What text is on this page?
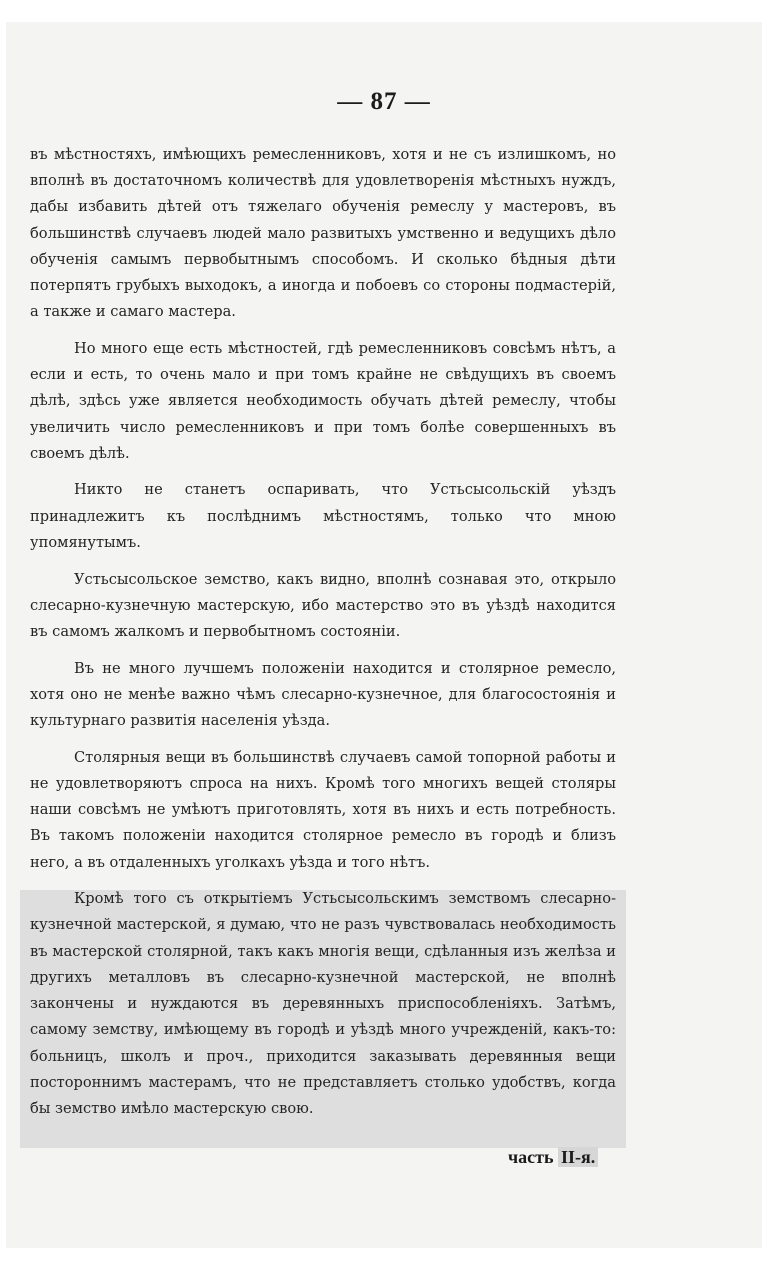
— 87 —

въ мѣстностяхъ, имѣющихъ ремесленниковъ, хотя и не съ излишкомъ, но вполнѣ въ достаточномъ количествѣ для удовлетворенія мѣстныхъ нуждъ, дабы избавить дѣтей отъ тяжелаго обученія ремеслу у мастеровъ, въ большинствѣ случаевъ людей мало развитыхъ умственно и ведущихъ дѣло обученія самымъ первобытнымъ способомъ. И сколько бѣдныя дѣти потерпятъ грубыхъ выходокъ, а иногда и побоевъ со стороны подмастерій, а также и самаго мастера.

Но много еще есть мѣстностей, гдѣ ремесленниковъ совсѣмъ нѣтъ, а если и есть, то очень мало и при томъ крайне не свѣдущихъ въ своемъ дѣлѣ, здѣсь уже является необходимость обучать дѣтей ремеслу, чтобы увеличить число ремесленниковъ и при томъ болѣе совершенныхъ въ своемъ дѣлѣ.

Никто не станетъ оспаривать, что Устьсысольскій уѣздъ принадлежитъ къ послѣднимъ мѣстностямъ, только что мною упомянутымъ.

Устьсысольское земство, какъ видно, вполнѣ сознавая это, открыло слесарно-кузнечную мастерскую, ибо мастерство это въ уѣздѣ находится въ самомъ жалкомъ и первобытномъ состояніи.

Въ не много лучшемъ положеніи находится и столярное ремесло, хотя оно не менѣе важно чѣмъ слесарно-кузнечное, для благосостоянія и культурнаго развитія населенія уѣзда.

Столярныя вещи въ большинствѣ случаевъ самой топорной работы и не удовлетворяютъ спроса на нихъ. Кромѣ того многихъ вещей столяры наши совсѣмъ не умѣютъ приготовлять, хотя въ нихъ и есть потребность. Въ такомъ положеніи находится столярное ремесло въ городѣ и близъ него, а въ отдаленныхъ уголкахъ уѣзда и того нѣтъ.

Кромѣ того съ открытіемъ Устьсысольскимъ земствомъ слесарно-кузнечной мастерской, я думаю, что не разъ чувствовалась необходимость въ мастерской столярной, такъ какъ многія вещи, сдѣланныя изъ желѣза и другихъ металловъ въ слесарно-кузнечной мастерской, не вполнѣ закончены и нуждаются въ деревянныхъ приспособленіяхъ. Затѣмъ, самому земству, имѣющему въ городѣ и уѣздѣ много учрежденій, какъ-то: больницъ, школъ и проч., приходится заказывать деревянныя вещи постороннимъ мастерамъ, что не представляетъ столько удобствъ, когда бы земство имѣло мастерскую свою.

часть II-я.
